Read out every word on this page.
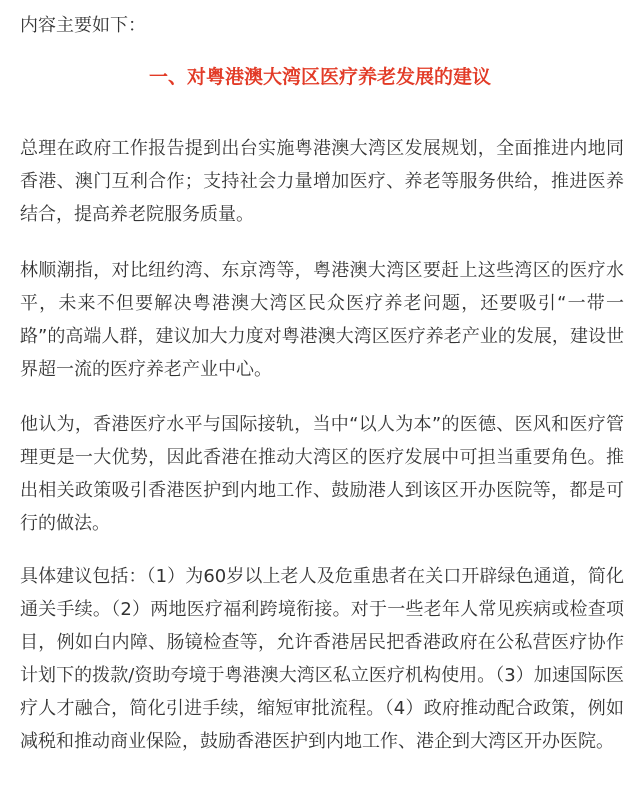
内容主要如下：

一、对粤港澳大湾区医疗养老发展的建议

总理在政府工作报告提到出台实施粤港澳大湾区发展规划，全面推进内地同香港、澳门互利合作；支持社会力量增加医疗、养老等服务供给，推进医养结合，提高养老院服务质量。

林顺潮指，对比纽约湾、东京湾等，粤港澳大湾区要赶上这些湾区的医疗水平，未来不但要解决粤港澳大湾区民众医疗养老问题，还要吸引“一带一路”的高端人群，建议加大力度对粤港澳大湾区医疗养老产业的发展，建设世界超一流的医疗养老产业中心。

他认为，香港医疗水平与国际接轨，当中“以人为本”的医德、医风和医疗管理更是一大优势，因此香港在推动大湾区的医疗发展中可担当重要角色。推出相关政策吸引香港医护到内地工作、鼓励港人到该区开办医院等，都是可行的做法。

具体建议包括：（1）为60岁以上老人及危重患者在关口开辟绿色通道，简化通关手续。（2）两地医疗福利跨境衔接。对于一些老年人常见疾病或检查项目，例如白内障、肠镜检查等，允许香港居民把香港政府在公私营医疗协作计划下的拨款/资助夸境于粤港澳大湾区私立医疗机构使用。（3）加速国际医疗人才融合，简化引进手续，缩短审批流程。（4）政府推动配合政策，例如减税和推动商业保险，鼓励香港医护到内地工作、港企到大湾区开办医院。
